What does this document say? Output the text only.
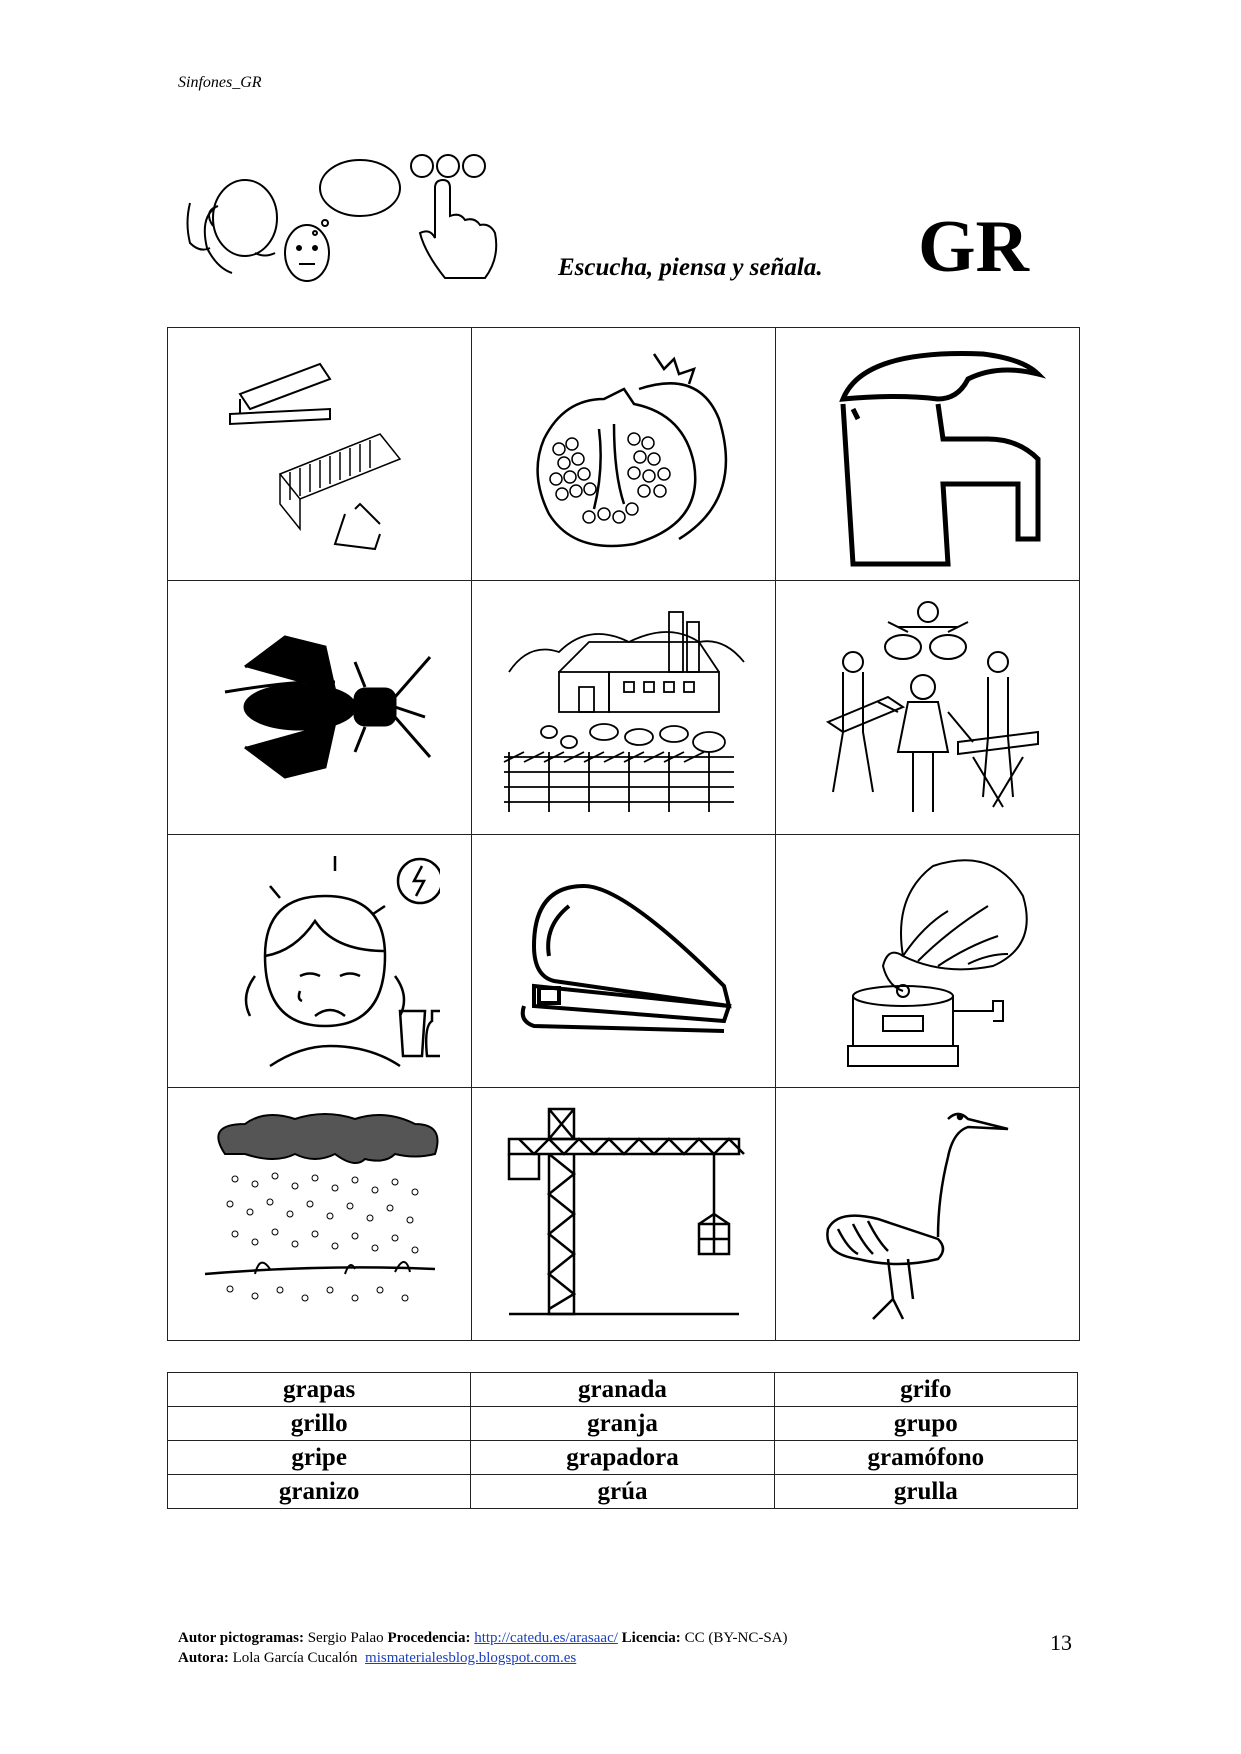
Sinfones_GR
Escucha, piensa y señala. GR

grapas	granada	grifo
grillo	granja	grupo
gripe	grapadora	gramófono
granizo	grúa	grulla
Autor pictogramas: Sergio Palao Procedencia: http://catedu.es/arasaac/ Licencia: CC (BY-NC-SA)
Autora: Lola García Cucalón mismaterialesblog.blogspot.com.es
13
